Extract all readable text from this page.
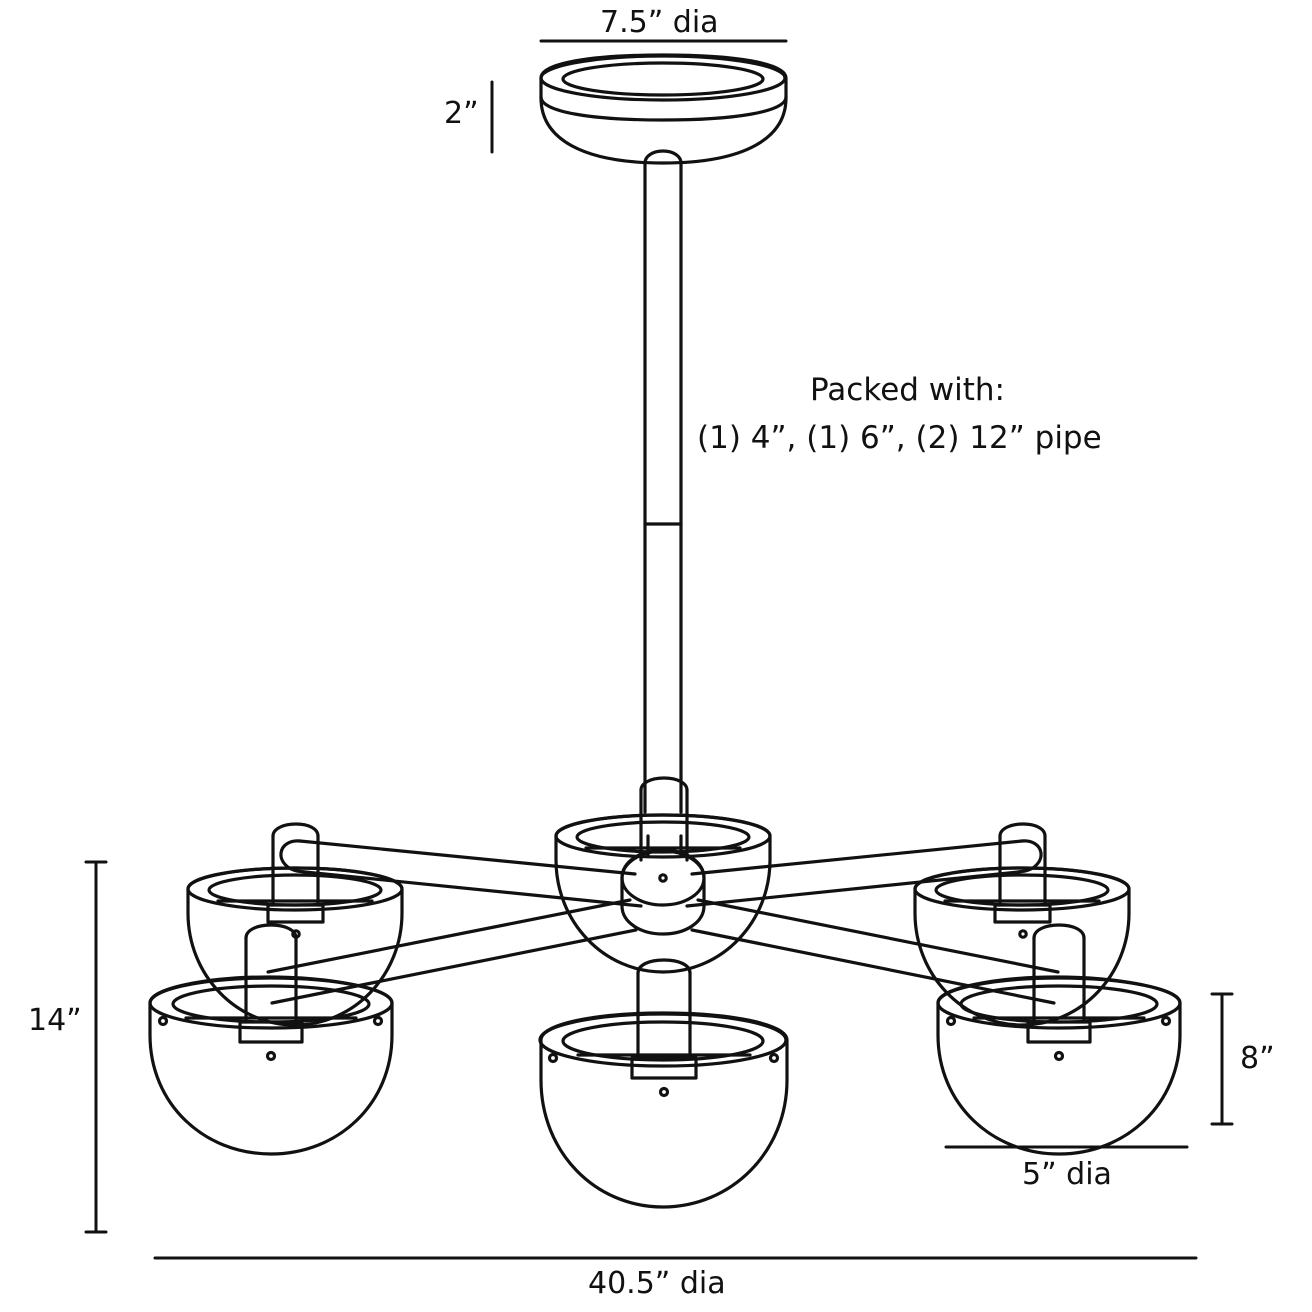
7.5” dia
2”
Packed with:
(1) 4”, (1) 6”, (2) 12” pipe
14”
8”
5” dia
40.5” dia
